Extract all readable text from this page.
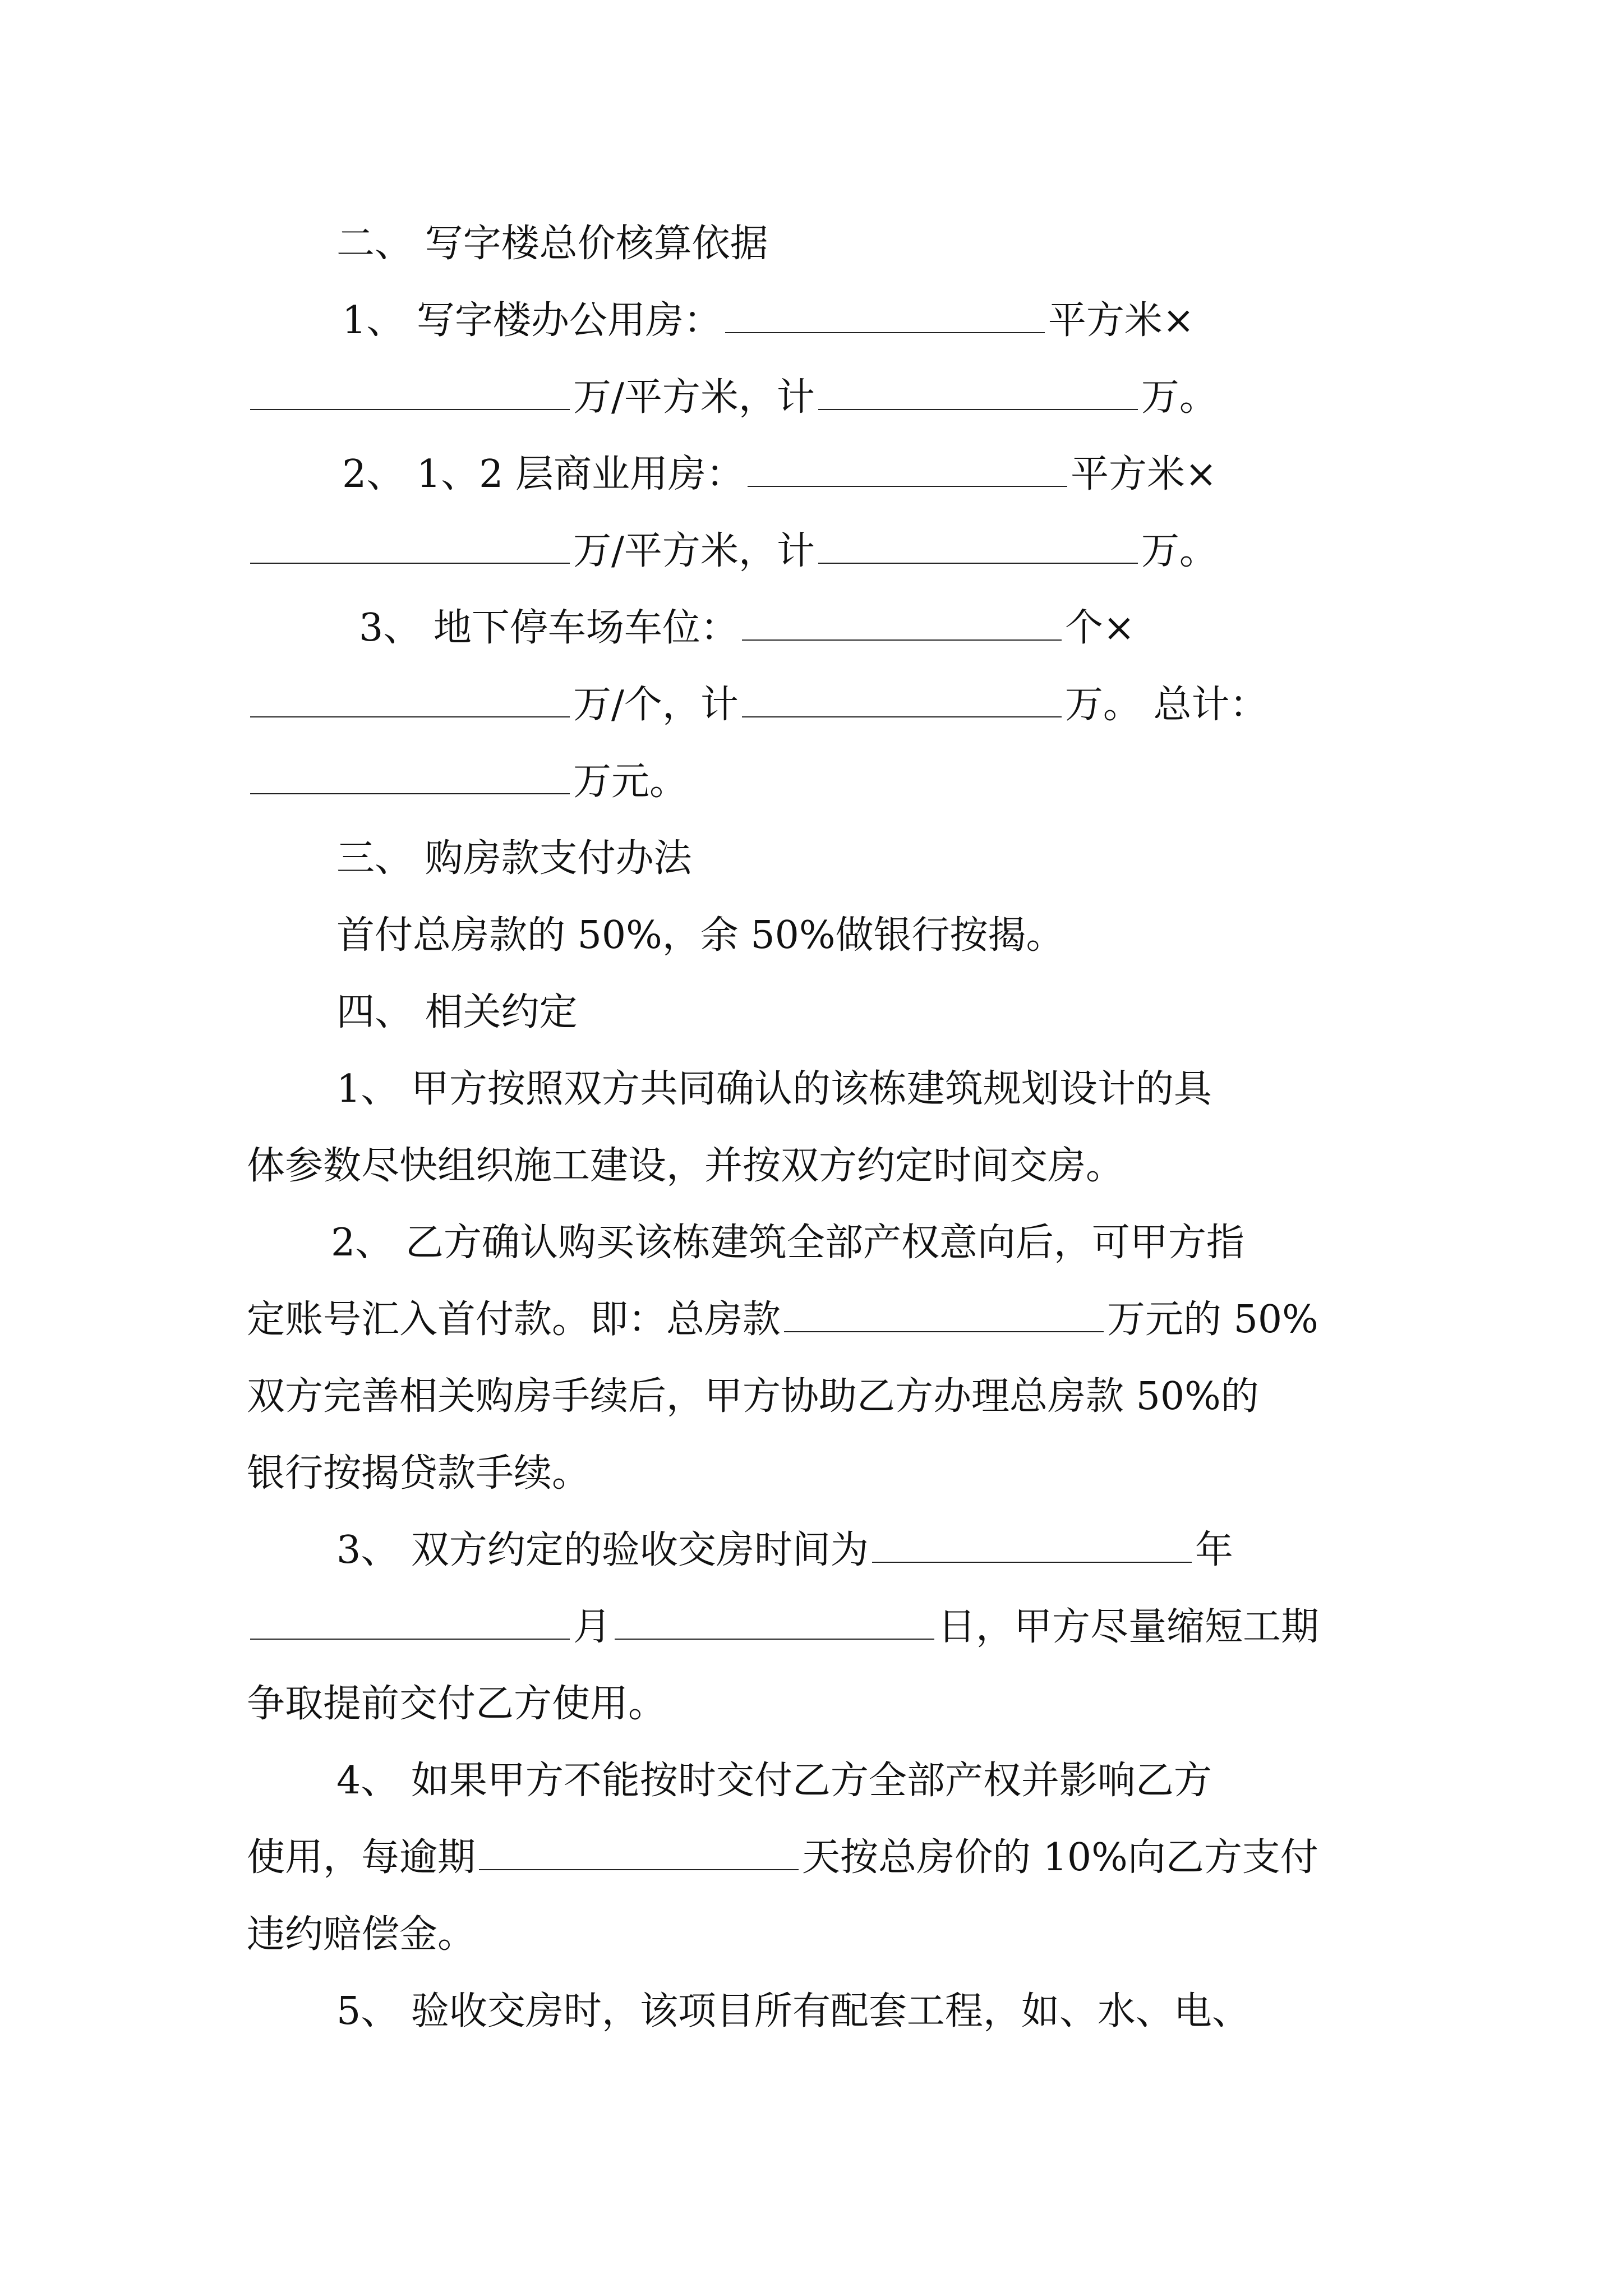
二、 写字楼总价核算依据
1、 写字楼办公用房：	平方米×
万/平方米，计	万。
2、 1、2 层商业用房：	平方米×
万/平方米，计	万。
3、 地下停车场车位：	个×
万/个，计	万。 总计：
万元。
三、 购房款支付办法
首付总房款的 50%，余 50%做银行按揭。
四、 相关约定
1、 甲方按照双方共同确认的该栋建筑规划设计的具
体参数尽快组织施工建设，并按双方约定时间交房。
2、 乙方确认购买该栋建筑全部产权意向后，可甲方指
定账号汇入首付款。即：总房款	万元的 50%
双方完善相关购房手续后，甲方协助乙方办理总房款 50%的
银行按揭贷款手续。
3、 双方约定的验收交房时间为	年
月	日，甲方尽量缩短工期
争取提前交付乙方使用。
4、 如果甲方不能按时交付乙方全部产权并影响乙方
使用，每逾期	天按总房价的 10%向乙方支付
违约赔偿金。
5、 验收交房时，该项目所有配套工程，如、水、电、
